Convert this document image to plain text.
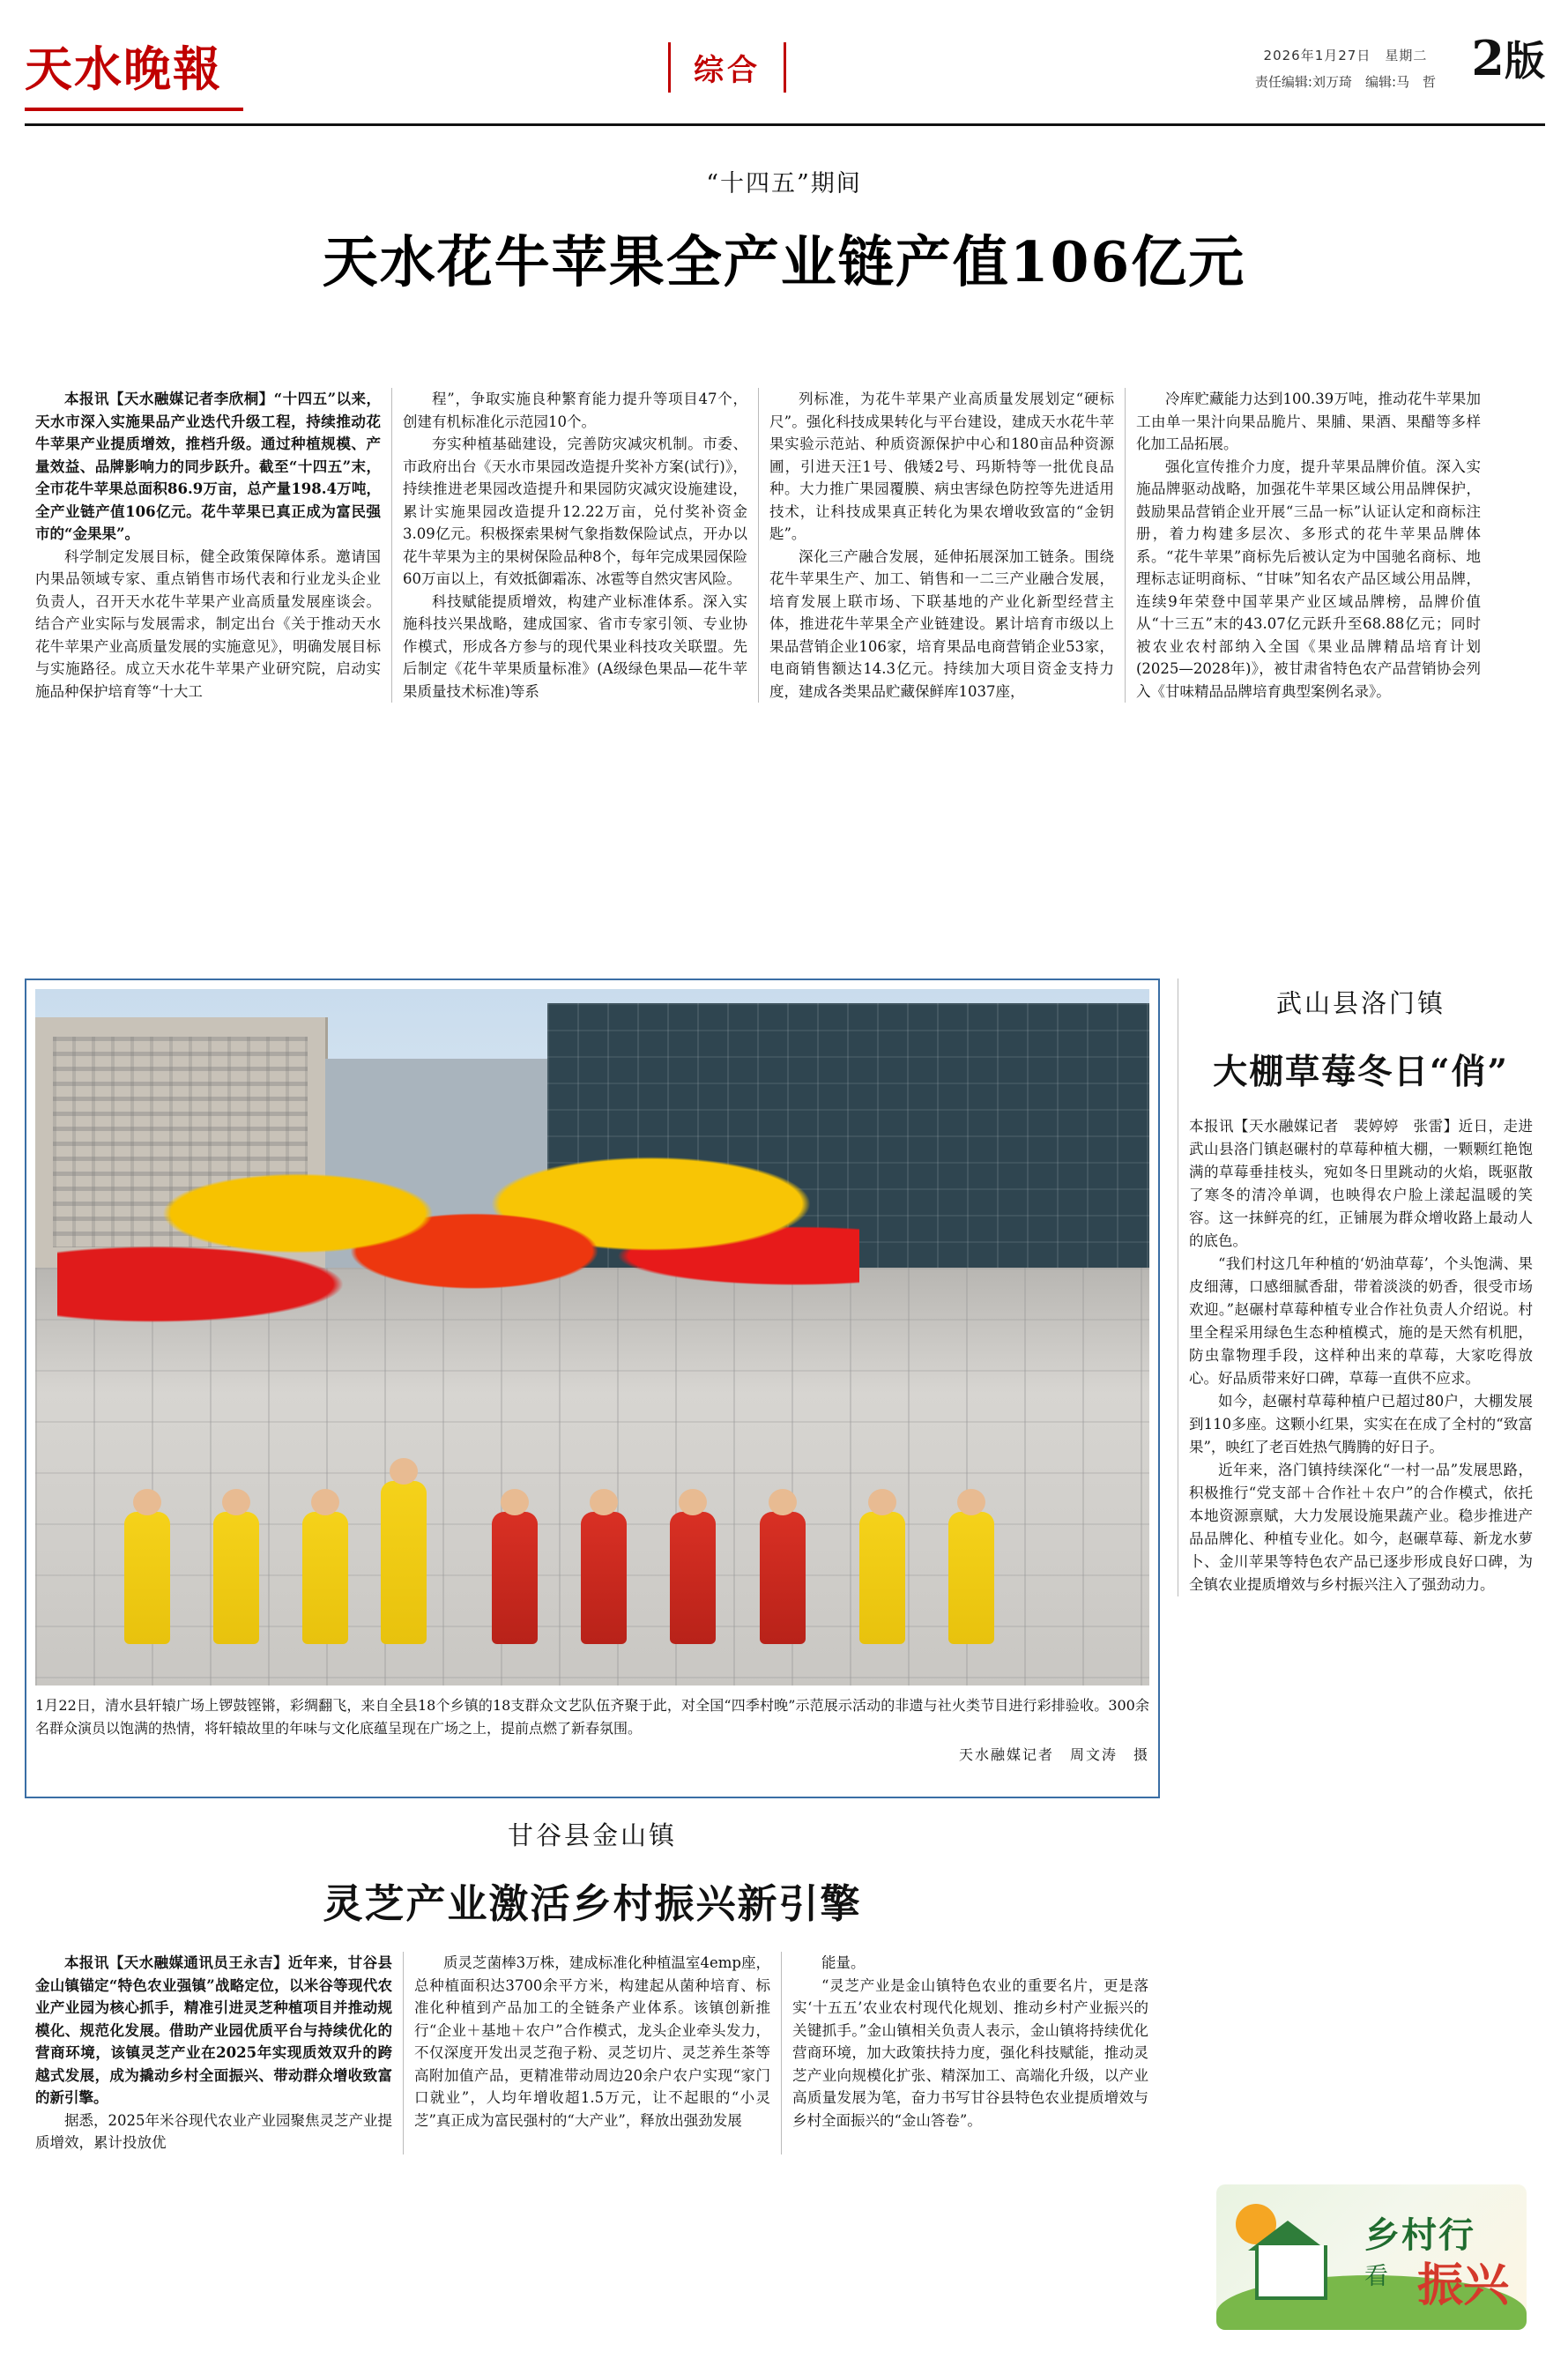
天水晚報	综合	2026年1月27日　星期二
责任编辑:刘万琦　编辑:马　哲 2版
“十四五”期间
天水花牛苹果全产业链产值106亿元

本报讯【天水融媒记者李欣桐】“十四五”以来，天水市深入实施果品产业迭代升级工程，持续推动花牛苹果产业提质增效，推档升级。通过种植规模、产量效益、品牌影响力的同步跃升。截至“十四五”末，全市花牛苹果总面积86.9万亩，总产量198.4万吨，全产业链产值106亿元。花牛苹果已真正成为富民强市的“金果果”。

科学制定发展目标，健全政策保障体系。邀请国内果品领域专家、重点销售市场代表和行业龙头企业负责人，召开天水花牛苹果产业高质量发展座谈会。结合产业实际与发展需求，制定出台《关于推动天水花牛苹果产业高质量发展的实施意见》，明确发展目标与实施路径。成立天水花牛苹果产业研究院，启动实施品种保护培育等“十大工

程”，争取实施良种繁育能力提升等项目47个，创建有机标准化示范园10个。

夯实种植基础建设，完善防灾减灾机制。市委、市政府出台《天水市果园改造提升奖补方案(试行)》，持续推进老果园改造提升和果园防灾减灾设施建设，累计实施果园改造提升12.22万亩，兑付奖补资金3.09亿元。积极探索果树气象指数保险试点，开办以花牛苹果为主的果树保险品种8个，每年完成果园保险60万亩以上，有效抵御霜冻、冰雹等自然灾害风险。

科技赋能提质增效，构建产业标准体系。深入实施科技兴果战略，建成国家、省市专家引领、专业协作模式，形成各方参与的现代果业科技攻关联盟。先后制定《花牛苹果质量标准》(A级绿色果品—花牛苹果质量技术标准)等系

列标准，为花牛苹果产业高质量发展划定“硬标尺”。强化科技成果转化与平台建设，建成天水花牛苹果实验示范站、种质资源保护中心和180亩品种资源圃，引进天汪1号、俄矮2号、玛斯特等一批优良品种。大力推广果园覆膜、病虫害绿色防控等先进适用技术，让科技成果真正转化为果农增收致富的“金钥匙”。

深化三产融合发展，延伸拓展深加工链条。围绕花牛苹果生产、加工、销售和一二三产业融合发展，培育发展上联市场、下联基地的产业化新型经营主体，推进花牛苹果全产业链建设。累计培育市级以上果品营销企业106家，培育果品电商营销企业53家，电商销售额达14.3亿元。持续加大项目资金支持力度，建成各类果品贮藏保鲜库1037座，

冷库贮藏能力达到100.39万吨，推动花牛苹果加工由单一果汁向果品脆片、果脯、果酒、果醋等多样化加工品拓展。

强化宣传推介力度，提升苹果品牌价值。深入实施品牌驱动战略，加强花牛苹果区域公用品牌保护，鼓励果品营销企业开展“三品一标”认证认定和商标注册，着力构建多层次、多形式的花牛苹果品牌体系。“花牛苹果”商标先后被认定为中国驰名商标、地理标志证明商标、“甘味”知名农产品区域公用品牌，连续9年荣登中国苹果产业区域品牌榜，品牌价值从“十三五”末的43.07亿元跃升至68.88亿元；同时被农业农村部纳入全国《果业品牌精品培育计划(2025—2028年)》，被甘肃省特色农产品营销协会列入《甘味精品品牌培育典型案例名录》。

1月22日，清水县轩辕广场上锣鼓铿锵，彩绸翻飞，来自全县18个乡镇的18支群众文艺队伍齐聚于此，对全国“四季村晚”示范展示活动的非遗与社火类节目进行彩排验收。300余名群众演员以饱满的热情，将轩辕故里的年味与文化底蕴呈现在广场之上，提前点燃了新春氛围。
天水融媒记者　周文涛　摄
武山县洛门镇
大棚草莓冬日“俏”

本报讯【天水融媒记者　裴婷婷　张雷】近日，走进武山县洛门镇赵碾村的草莓种植大棚，一颗颗红艳饱满的草莓垂挂枝头，宛如冬日里跳动的火焰，既驱散了寒冬的清冷单调，也映得农户脸上漾起温暖的笑容。这一抹鲜亮的红，正铺展为群众增收路上最动人的底色。

“我们村这几年种植的‘奶油草莓’，个头饱满、果皮细薄，口感细腻香甜，带着淡淡的奶香，很受市场欢迎。”赵碾村草莓种植专业合作社负责人介绍说。村里全程采用绿色生态种植模式，施的是天然有机肥，防虫靠物理手段，这样种出来的草莓，大家吃得放心。好品质带来好口碑，草莓一直供不应求。

如今，赵碾村草莓种植户已超过80户，大棚发展到110多座。这颗小红果，实实在在成了全村的“致富果”，映红了老百姓热气腾腾的好日子。

近年来，洛门镇持续深化“一村一品”发展思路，积极推行“党支部＋合作社＋农户”的合作模式，依托本地资源禀赋，大力发展设施果蔬产业。稳步推进产品品牌化、种植专业化。如今，赵碾草莓、新龙水萝卜、金川苹果等特色农产品已逐步形成良好口碑，为全镇农业提质增效与乡村振兴注入了强劲动力。

甘谷县金山镇
灵芝产业激活乡村振兴新引擎

本报讯【天水融媒通讯员王永吉】近年来，甘谷县金山镇锚定“特色农业强镇”战略定位，以米谷等现代农业产业园为核心抓手，精准引进灵芝种植项目并推动规模化、规范化发展。借助产业园优质平台与持续优化的营商环境，该镇灵芝产业在2025年实现质效双升的跨越式发展，成为撬动乡村全面振兴、带动群众增收致富的新引擎。

据悉，2025年米谷现代农业产业园聚焦灵芝产业提质增效，累计投放优

质灵芝菌棒3万株，建成标准化种植温室4emp座，总种植面积达3700余平方米，构建起从菌种培育、标准化种植到产品加工的全链条产业体系。该镇创新推行“企业＋基地＋农户”合作模式，龙头企业牵头发力，不仅深度开发出灵芝孢子粉、灵芝切片、灵芝养生茶等高附加值产品，更精准带动周边20余户农户实现“家门口就业”，人均年增收超1.5万元，让不起眼的“小灵芝”真正成为富民强村的“大产业”，释放出强劲发展

能量。

“灵芝产业是金山镇特色农业的重要名片，更是落实‘十五五’农业农村现代化规划、推动乡村产业振兴的关键抓手。”金山镇相关负责人表示，金山镇将持续优化营商环境，加大政策扶持力度，强化科技赋能，推动灵芝产业向规模化扩张、精深加工、高端化升级，以产业高质量发展为笔，奋力书写甘谷县特色农业提质增效与乡村全面振兴的“金山答卷”。

乡村行
看 振兴
